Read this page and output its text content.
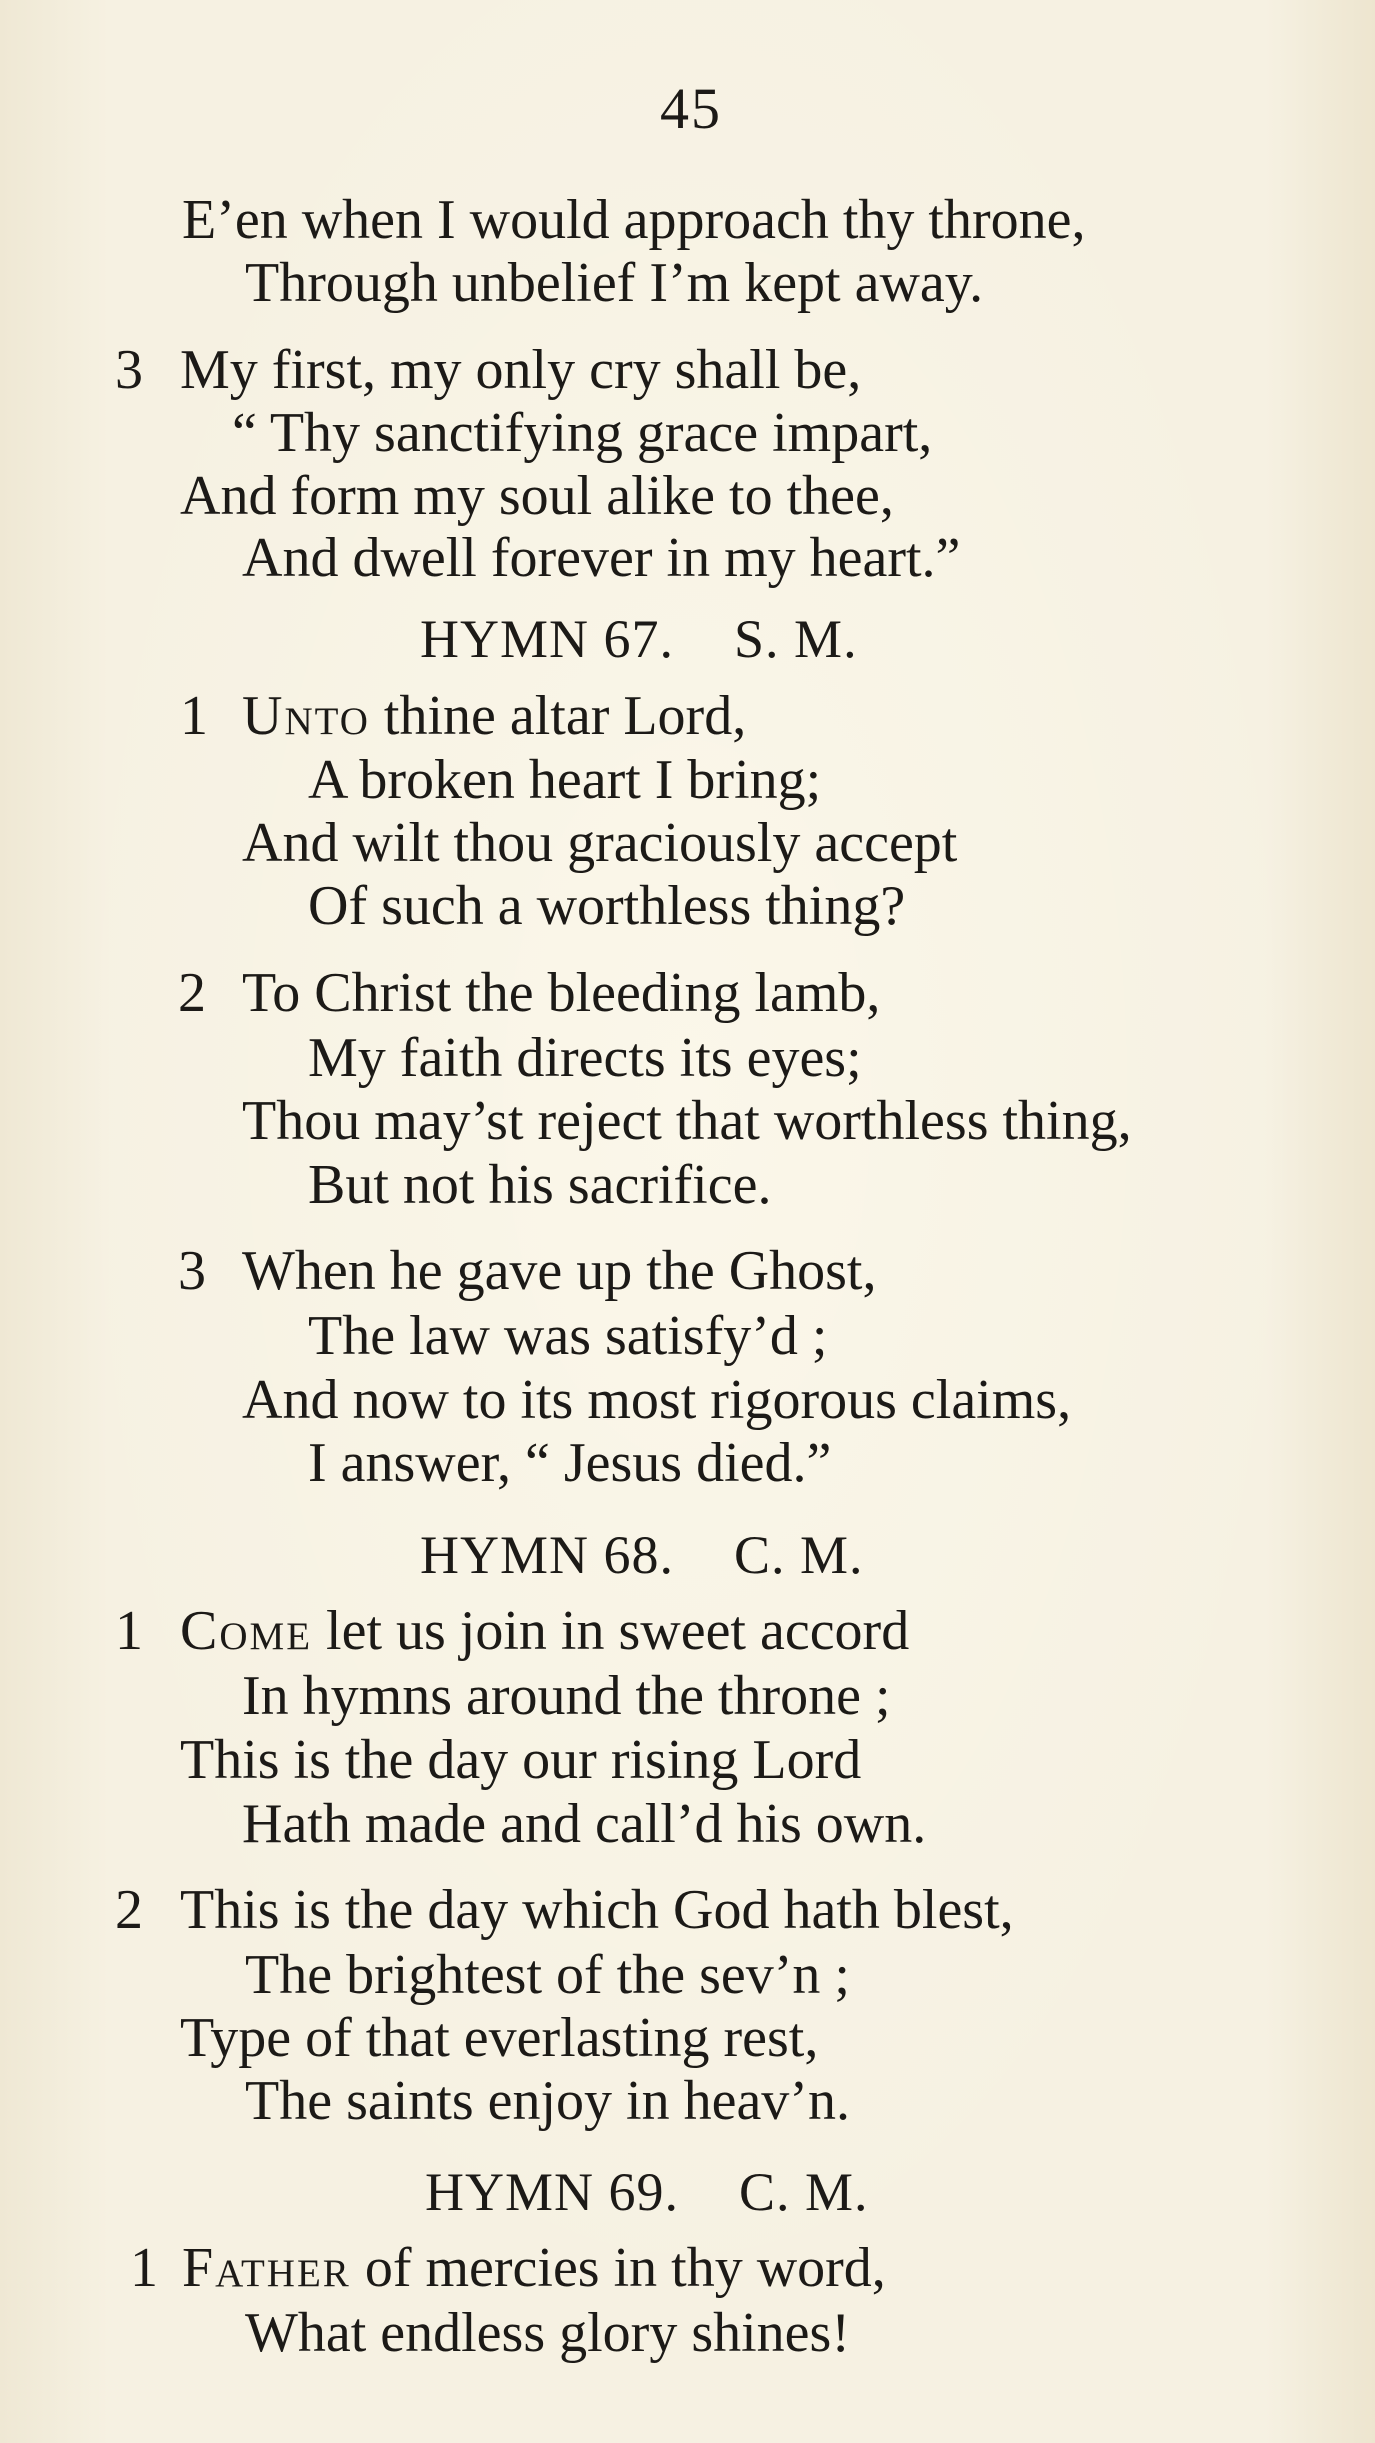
45
E’en when I would approach thy throne,
Through unbelief I’m kept away.
3 My first, my only cry shall be,
“ Thy sanctifying grace impart,
And form my soul alike to thee,
And dwell forever in my heart.”
HYMN 67. S. M.
1 Unto thine altar Lord,
A broken heart I bring;
And wilt thou graciously accept
Of such a worthless thing?
2 To Christ the bleeding lamb,
My faith directs its eyes;
Thou may’st reject that worthless thing,
But not his sacrifice.
3 When he gave up the Ghost,
The law was satisfy’d ;
And now to its most rigorous claims,
I answer, “ Jesus died.”
HYMN 68. C. M.
1 Come let us join in sweet accord
In hymns around the throne ;
This is the day our rising Lord
Hath made and call’d his own.
2 This is the day which God hath blest,
The brightest of the sev’n ;
Type of that everlasting rest,
The saints enjoy in heav’n.
HYMN 69. C. M.
1 Father of mercies in thy word,
What endless glory shines!
